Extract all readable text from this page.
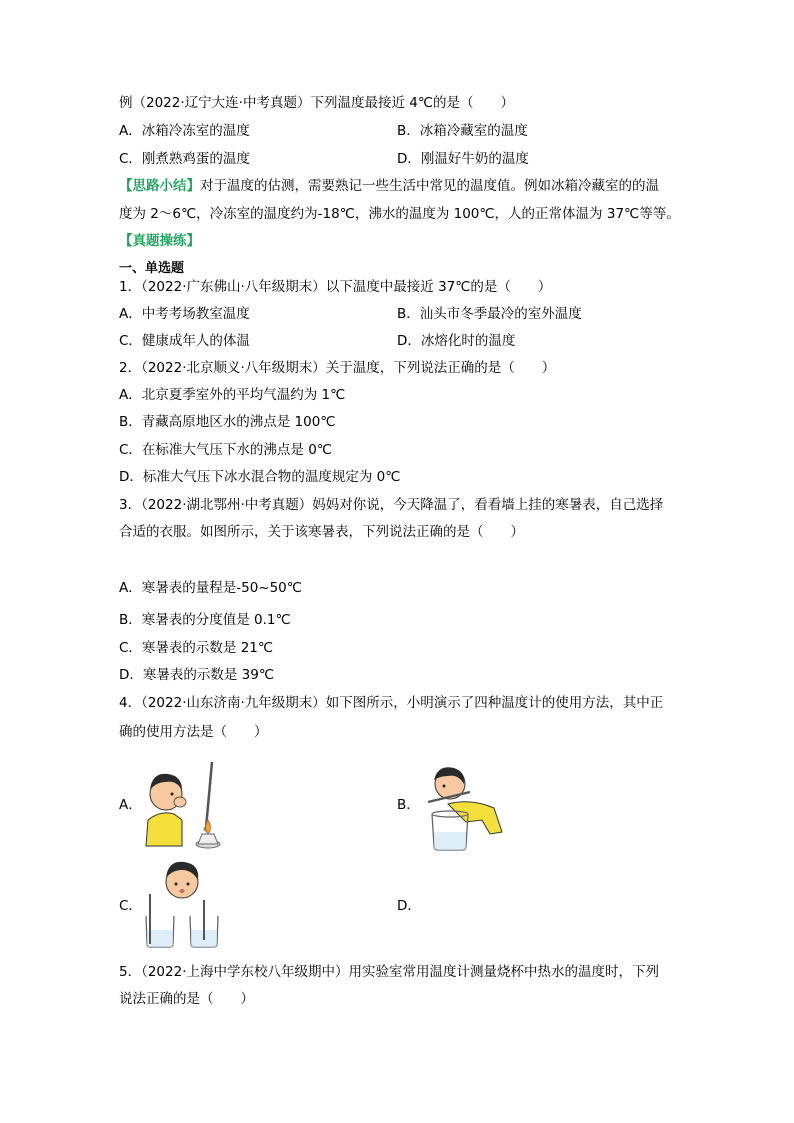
例（2022·辽宁大连·中考真题）下列温度最接近 4℃的是（　　）
A．冰箱冷冻室的温度	B．冰箱冷藏室的温度
C．刚煮熟鸡蛋的温度	D．刚温好牛奶的温度
【思路小结】对于温度的估测，需要熟记一些生活中常见的温度值。例如冰箱冷藏室的的温
度为 2～6℃，冷冻室的温度约为-18℃，沸水的温度为 100℃，人的正常体温为 37℃等等。
【真题操练】
一、单选题
1．（2022·广东佛山·八年级期末）以下温度中最接近 37℃的是（　　）
A．中考考场教室温度	B．汕头市冬季最冷的室外温度
C．健康成年人的体温	D．冰熔化时的温度
2．（2022·北京顺义·八年级期末）关于温度，下列说法正确的是（　　）
A．北京夏季室外的平均气温约为 1℃
B．青藏高原地区水的沸点是 100℃
C．在标准大气压下水的沸点是 0℃
D．标准大气压下冰水混合物的温度规定为 0℃
3．（2022·湖北鄂州·中考真题）妈妈对你说，今天降温了，看看墙上挂的寒暑表，自己选择
合适的衣服。如图所示，关于该寒暑表，下列说法正确的是（　　）
A．寒暑表的量程是-50~50℃
B．寒暑表的分度值是 0.1℃
C．寒暑表的示数是 21℃
D．寒暑表的示数是 39℃
4．（2022·山东济南·九年级期末）如下图所示，小明演示了四种温度计的使用方法，其中正
确的使用方法是（　　）
A．	B．
C．	D．
5．（2022·上海中学东校八年级期中）用实验室常用温度计测量烧杯中热水的温度时，下列
说法正确的是（　　）
